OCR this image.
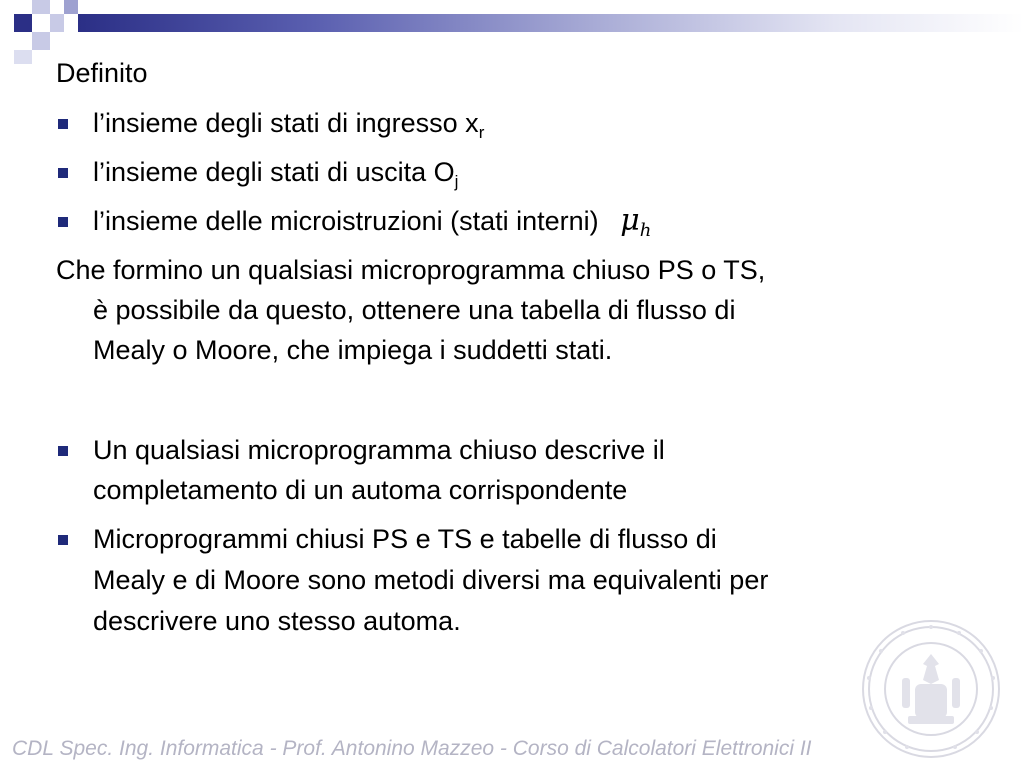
Definito
l’insieme degli stati di ingresso $x_r$
l’insieme degli stati di uscita $O_j$
l’insieme delle microistruzioni (stati interni) $\mu_h$
Che formino un qualsiasi microprogramma chiuso PS o TS,
è possibile da questo, ottenere una tabella di flusso di
Mealy o Moore, che impiega i suddetti stati.
Un qualsiasi microprogramma chiuso descrive il
completamento di un automa corrispondente
Microprogrammi chiusi PS e TS e tabelle di flusso di
Mealy e di Moore sono metodi diversi ma equivalenti per
descrivere uno stesso automa.
CDL Spec. Ing. Informatica - Prof. Antonino Mazzeo - Corso di Calcolatori Elettronici II
